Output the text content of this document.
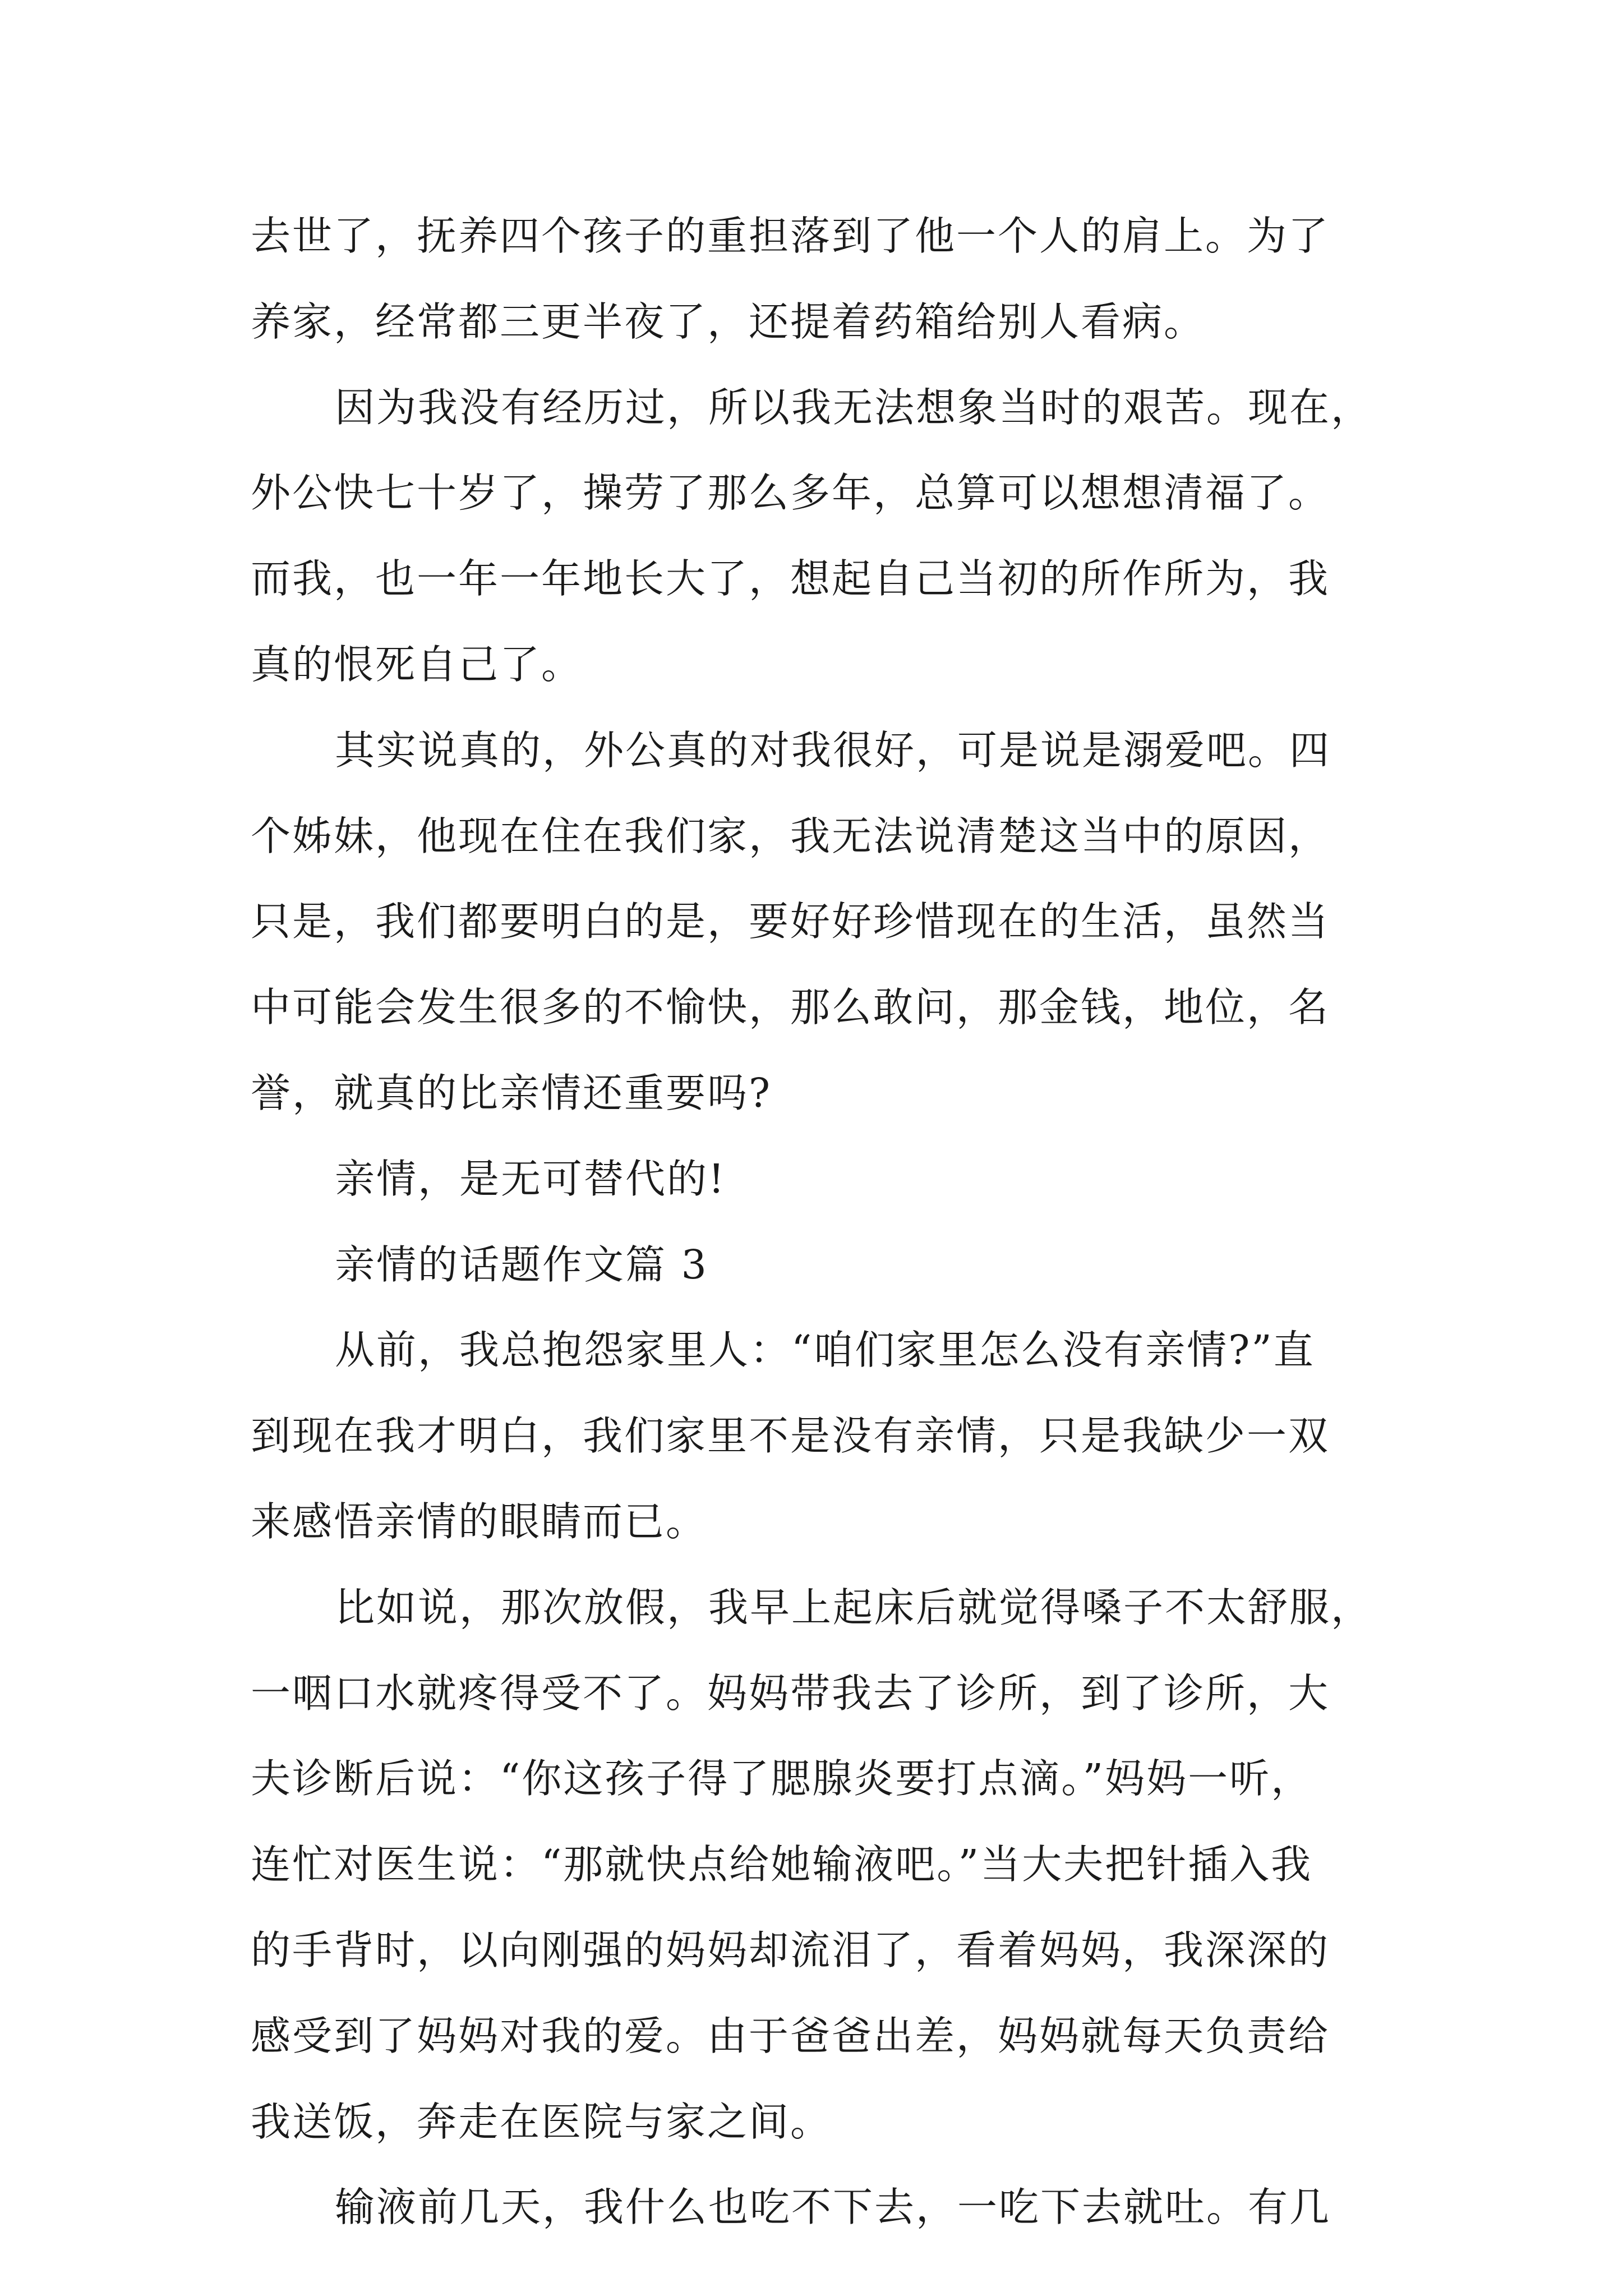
去世了，抚养四个孩子的重担落到了他一个人的肩上。为了
养家，经常都三更半夜了，还提着药箱给别人看病。
因为我没有经历过，所以我无法想象当时的艰苦。现在，
外公快七十岁了，操劳了那么多年，总算可以想想清福了。
而我，也一年一年地长大了，想起自己当初的所作所为，我
真的恨死自己了。
其实说真的，外公真的对我很好，可是说是溺爱吧。四
个姊妹，他现在住在我们家，我无法说清楚这当中的原因，
只是，我们都要明白的是，要好好珍惜现在的生活，虽然当
中可能会发生很多的不愉快，那么敢问，那金钱，地位，名
誉，就真的比亲情还重要吗?
亲情，是无可替代的!
亲情的话题作文篇 3
从前，我总抱怨家里人：“咱们家里怎么没有亲情?”直
到现在我才明白，我们家里不是没有亲情，只是我缺少一双
来感悟亲情的眼睛而已。
比如说，那次放假，我早上起床后就觉得嗓子不太舒服，
一咽口水就疼得受不了。妈妈带我去了诊所，到了诊所，大
夫诊断后说：“你这孩子得了腮腺炎要打点滴。”妈妈一听，
连忙对医生说：“那就快点给她输液吧。”当大夫把针插入我
的手背时，以向刚强的妈妈却流泪了，看着妈妈，我深深的
感受到了妈妈对我的爱。由于爸爸出差，妈妈就每天负责给
我送饭，奔走在医院与家之间。
输液前几天，我什么也吃不下去，一吃下去就吐。有几
